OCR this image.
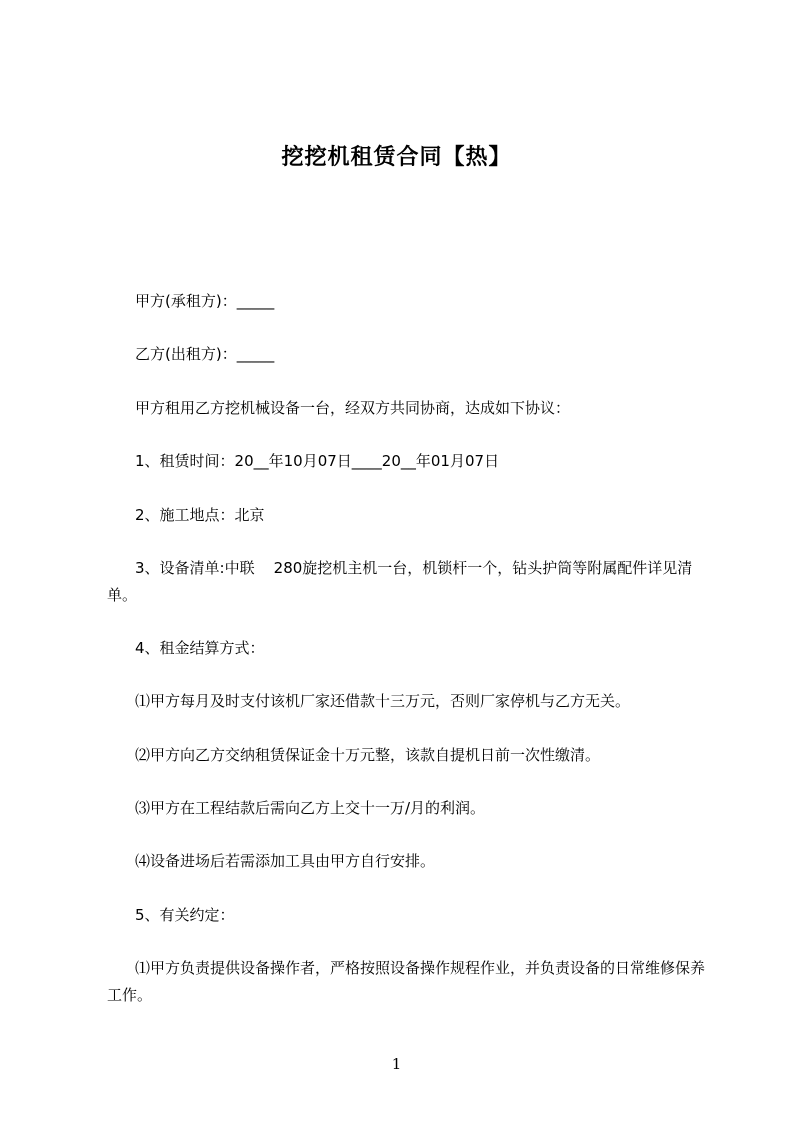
挖挖机租赁合同【热】
甲方(承租方)：_____
乙方(出租方)：_____
甲方租用乙方挖机械设备一台，经双方共同协商，达成如下协议：
1、租赁时间：20__年10月07日____20__年01月07日
2、施工地点：北京
3、设备清单:中联    280旋挖机主机一台，机锁杆一个，钻头护筒等附属配件详见清单。
4、租金结算方式：
⑴甲方每月及时支付该机厂家还借款十三万元，否则厂家停机与乙方无关。
⑵甲方向乙方交纳租赁保证金十万元整，该款自提机日前一次性缴清。
⑶甲方在工程结款后需向乙方上交十一万/月的利润。
⑷设备进场后若需添加工具由甲方自行安排。
5、有关约定：
⑴甲方负责提供设备操作者，严格按照设备操作规程作业，并负责设备的日常维修保养工作。
1
